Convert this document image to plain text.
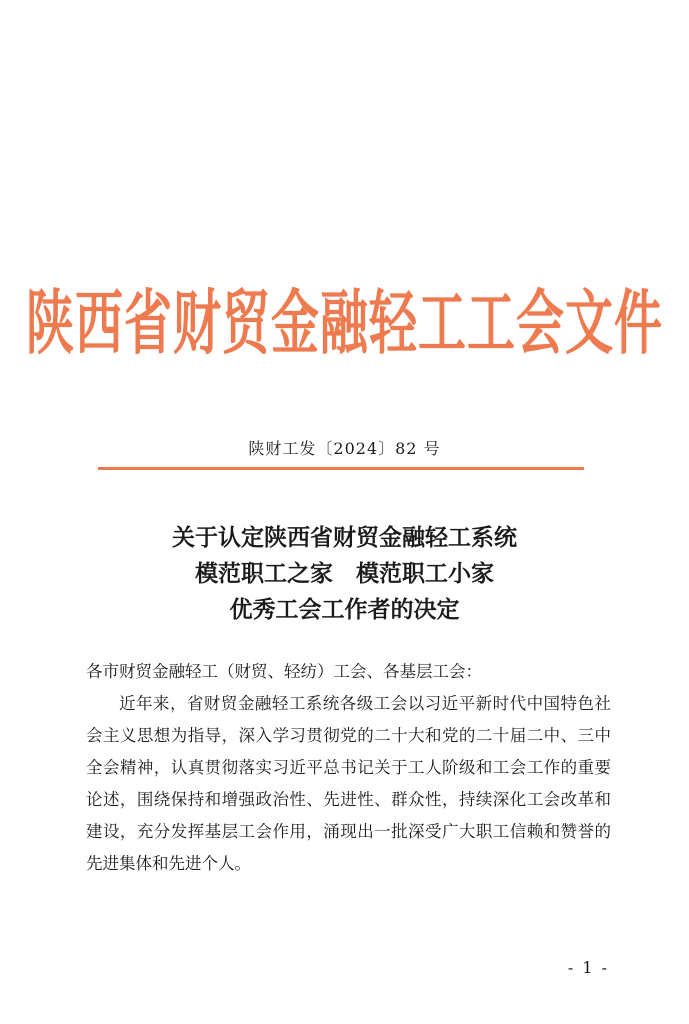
陕西省财贸金融轻工工会文件
陕财工发〔2024〕82 号
关于认定陕西省财贸金融轻工系统
模范职工之家　模范职工小家
优秀工会工作者的决定
各市财贸金融轻工（财贸、轻纺）工会、各基层工会：
近年来，省财贸金融轻工系统各级工会以习近平新时代中国特色社会主义思想为指导，深入学习贯彻党的二十大和党的二十届二中、三中全会精神，认真贯彻落实习近平总书记关于工人阶级和工会工作的重要论述，围绕保持和增强政治性、先进性、群众性，持续深化工会改革和建设，充分发挥基层工会作用，涌现出一批深受广大职工信赖和赞誉的先进集体和先进个人。
- 1 -
